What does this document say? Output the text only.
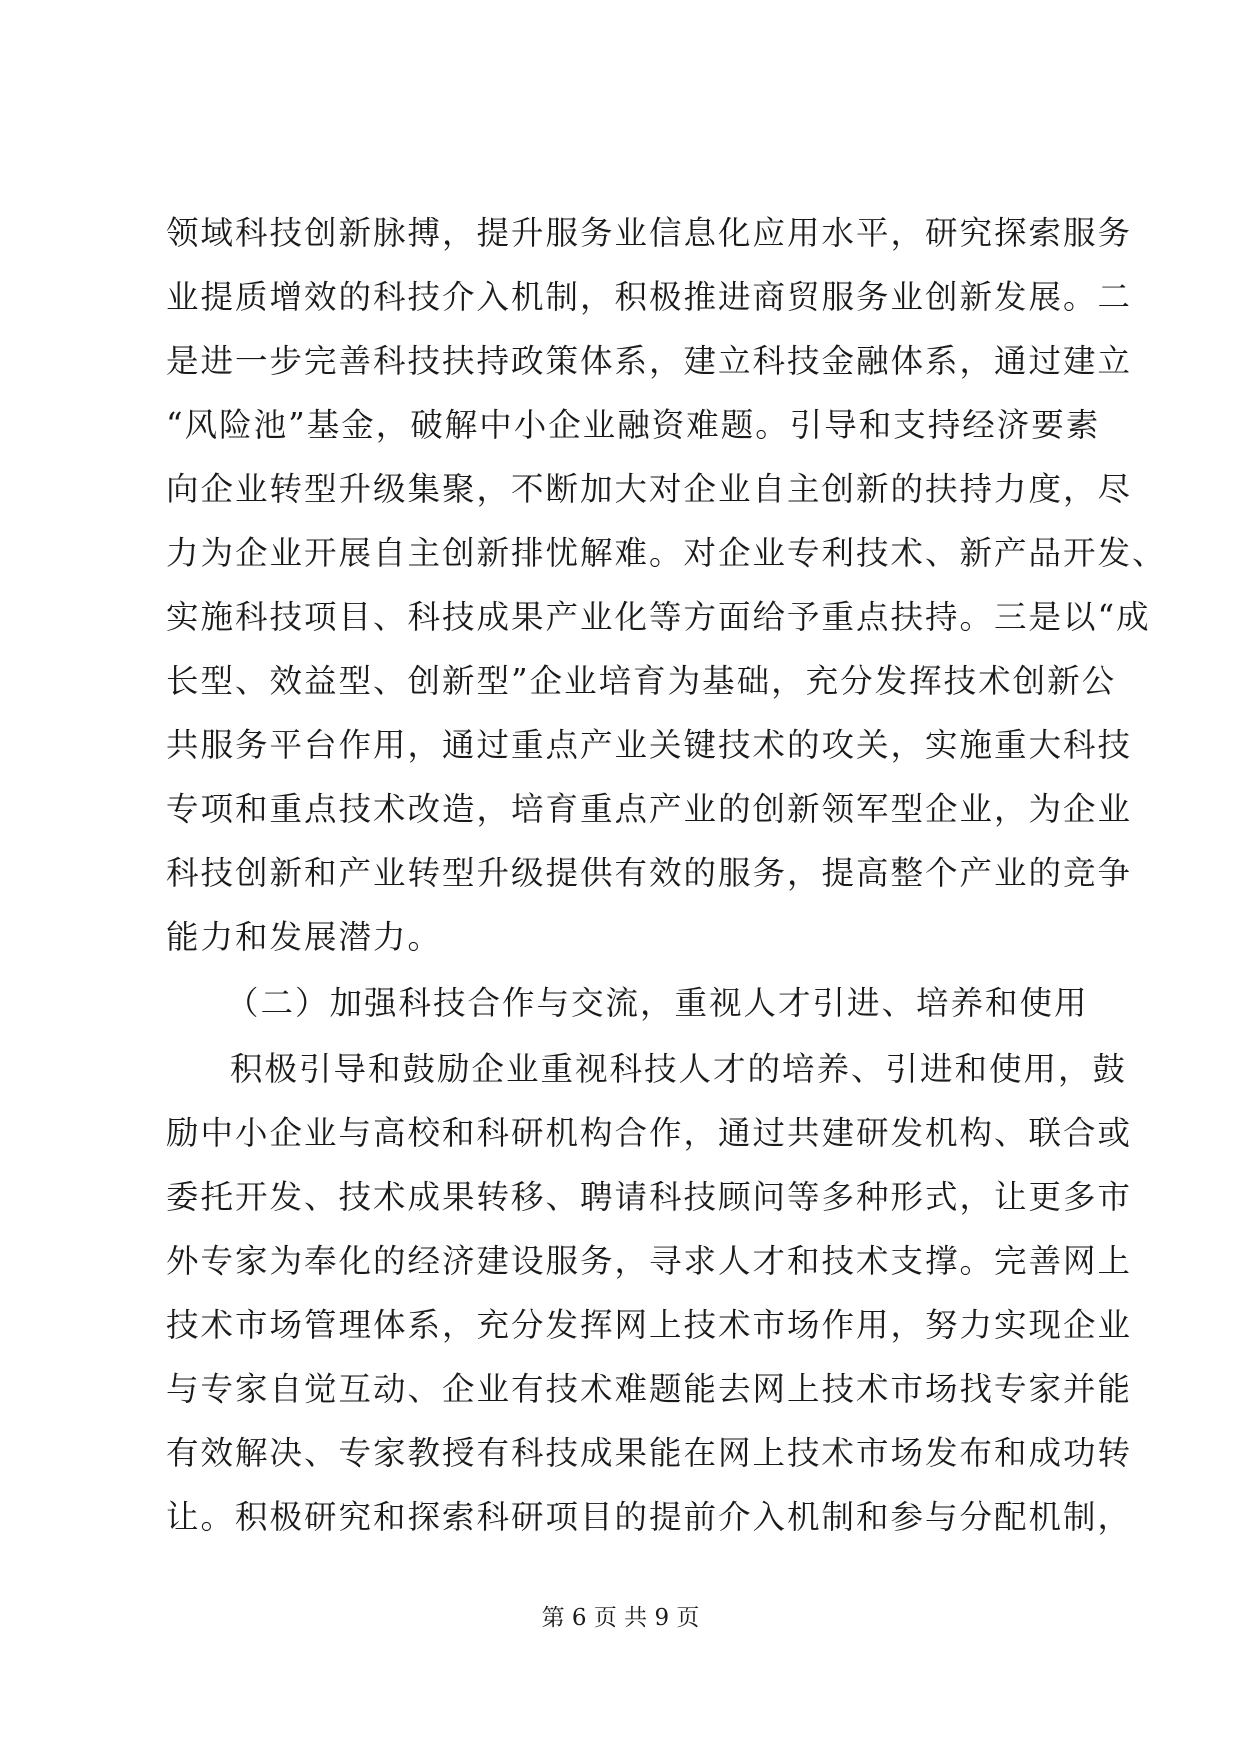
领域科技创新脉搏，提升服务业信息化应用水平，研究探索服务
业提质增效的科技介入机制，积极推进商贸服务业创新发展。二
是进一步完善科技扶持政策体系，建立科技金融体系，通过建立
“风险池”基金，破解中小企业融资难题。引导和支持经济要素
向企业转型升级集聚，不断加大对企业自主创新的扶持力度，尽
力为企业开展自主创新排忧解难。对企业专利技术、新产品开发、
实施科技项目、科技成果产业化等方面给予重点扶持。三是以“成
长型、效益型、创新型”企业培育为基础，充分发挥技术创新公
共服务平台作用，通过重点产业关键技术的攻关，实施重大科技
专项和重点技术改造，培育重点产业的创新领军型企业，为企业
科技创新和产业转型升级提供有效的服务，提高整个产业的竞争
能力和发展潜力。
（二）加强科技合作与交流，重视人才引进、培养和使用
积极引导和鼓励企业重视科技人才的培养、引进和使用，鼓
励中小企业与高校和科研机构合作，通过共建研发机构、联合或
委托开发、技术成果转移、聘请科技顾问等多种形式，让更多市
外专家为奉化的经济建设服务，寻求人才和技术支撑。完善网上
技术市场管理体系，充分发挥网上技术市场作用，努力实现企业
与专家自觉互动、企业有技术难题能去网上技术市场找专家并能
有效解决、专家教授有科技成果能在网上技术市场发布和成功转
让。积极研究和探索科研项目的提前介入机制和参与分配机制，
第 6 页 共 9 页
